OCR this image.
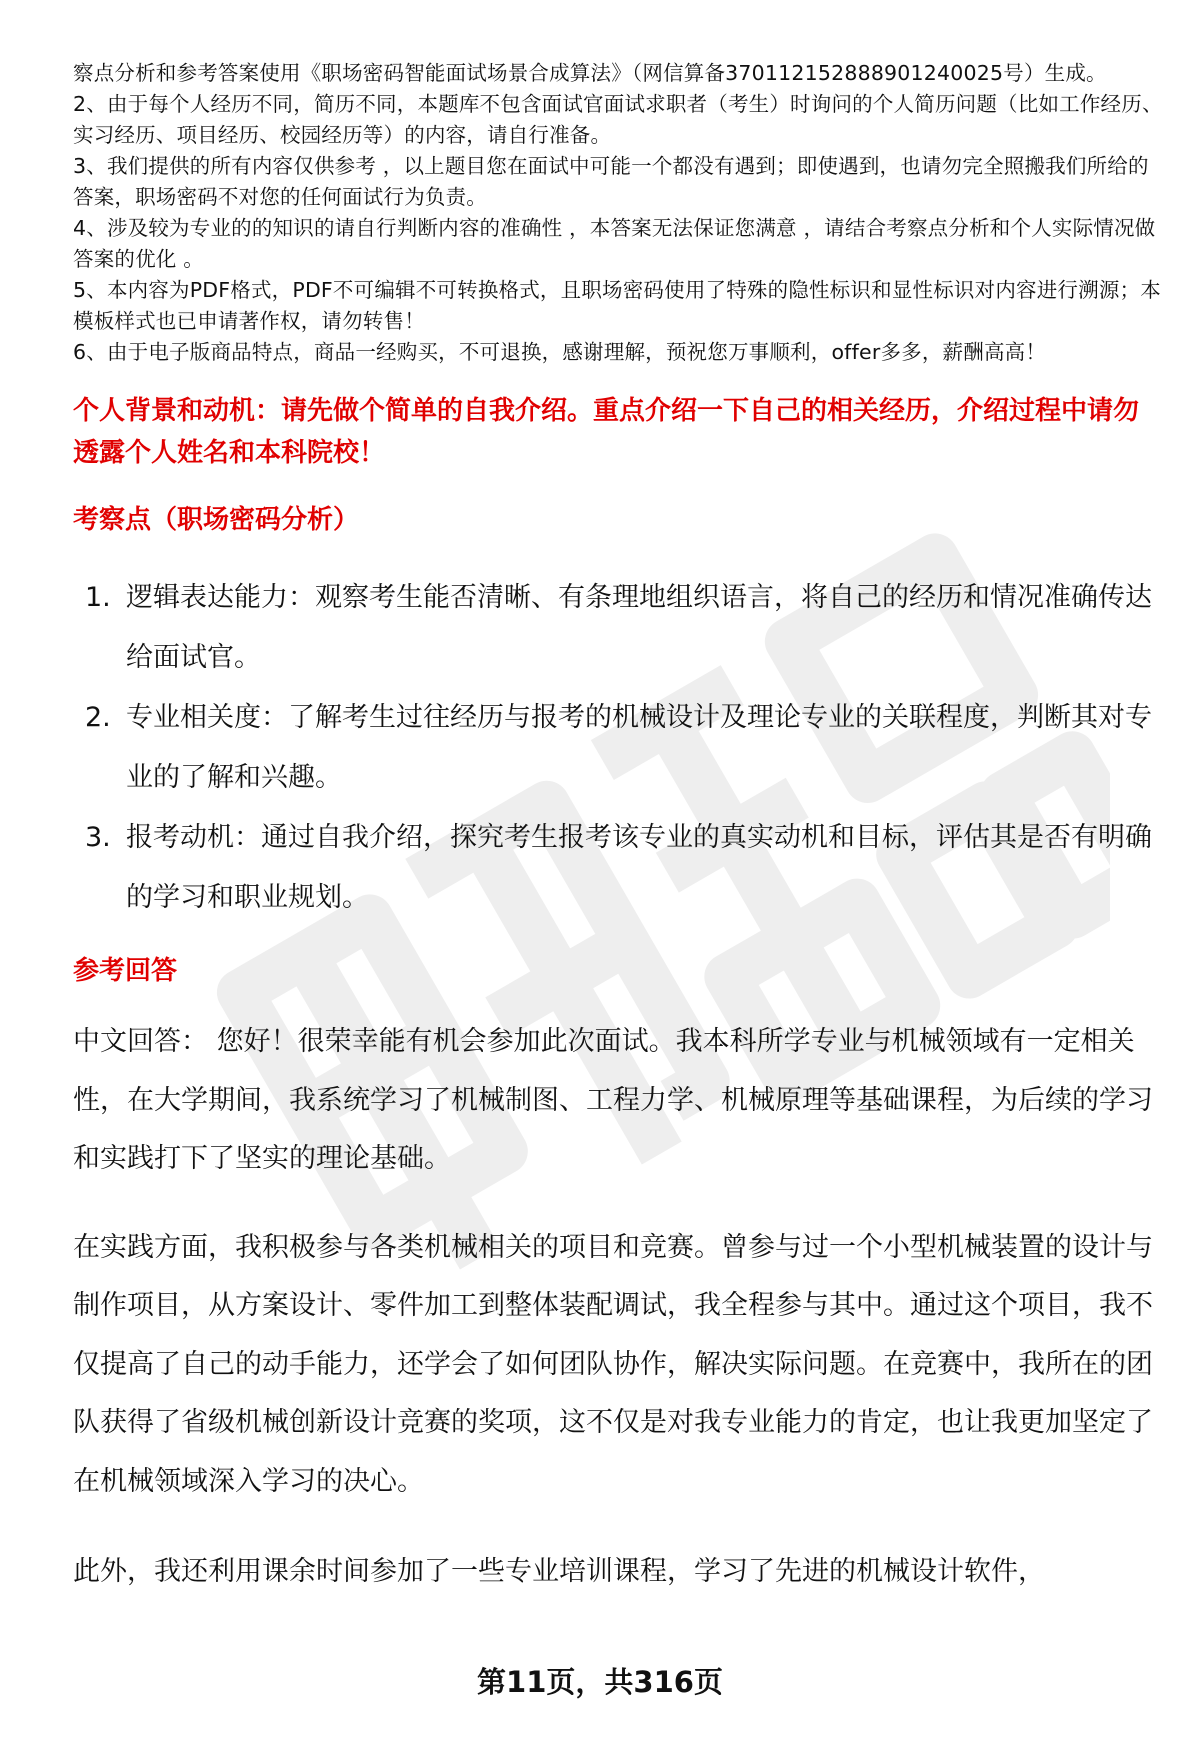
察点分析和参考答案使用《职场密码智能面试场景合成算法》（网信算备370112152888901240025号）生成。

2、由于每个人经历不同，简历不同，本题库不包含面试官面试求职者（考生）时询问的个人简历问题（比如工作经历、实习经历、项目经历、校园经历等）的内容，请自行准备。

3、我们提供的所有内容仅供参考 ，以上题目您在面试中可能一个都没有遇到；即使遇到，也请勿完全照搬我们所给的答案，职场密码不对您的任何面试行为负责。

4、涉及较为专业的的知识的请自行判断内容的准确性 ，本答案无法保证您满意 ，请结合考察点分析和个人实际情况做答案的优化 。

5、本内容为PDF格式，PDF不可编辑不可转换格式，且职场密码使用了特殊的隐性标识和显性标识对内容进行溯源；本模板样式也已申请著作权，请勿转售！

6、由于电子版商品特点，商品一经购买，不可退换，感谢理解，预祝您万事顺利，offer多多，薪酬高高！

个人背景和动机：请先做个简单的自我介绍。重点介绍一下自己的相关经历，介绍过程中请勿透露个人姓名和本科院校！
考察点（职场密码分析）
1. 逻辑表达能力：观察考生能否清晰、有条理地组织语言，将自己的经历和情况准确传达给面试官。
2. 专业相关度：了解考生过往经历与报考的机械设计及理论专业的关联程度，判断其对专业的了解和兴趣。
3. 报考动机：通过自我介绍，探究考生报考该专业的真实动机和目标，评估其是否有明确的学习和职业规划。
参考回答

中文回答： 您好！很荣幸能有机会参加此次面试。我本科所学专业与机械领域有一定相关性，在大学期间，我系统学习了机械制图、工程力学、机械原理等基础课程，为后续的学习和实践打下了坚实的理论基础。

在实践方面，我积极参与各类机械相关的项目和竞赛。曾参与过一个小型机械装置的设计与制作项目，从方案设计、零件加工到整体装配调试，我全程参与其中。通过这个项目，我不仅提高了自己的动手能力，还学会了如何团队协作，解决实际问题。在竞赛中，我所在的团队获得了省级机械创新设计竞赛的奖项，这不仅是对我专业能力的肯定，也让我更加坚定了在机械领域深入学习的决心。

此外，我还利用课余时间参加了一些专业培训课程，学习了先进的机械设计软件，

第11页，共316页
